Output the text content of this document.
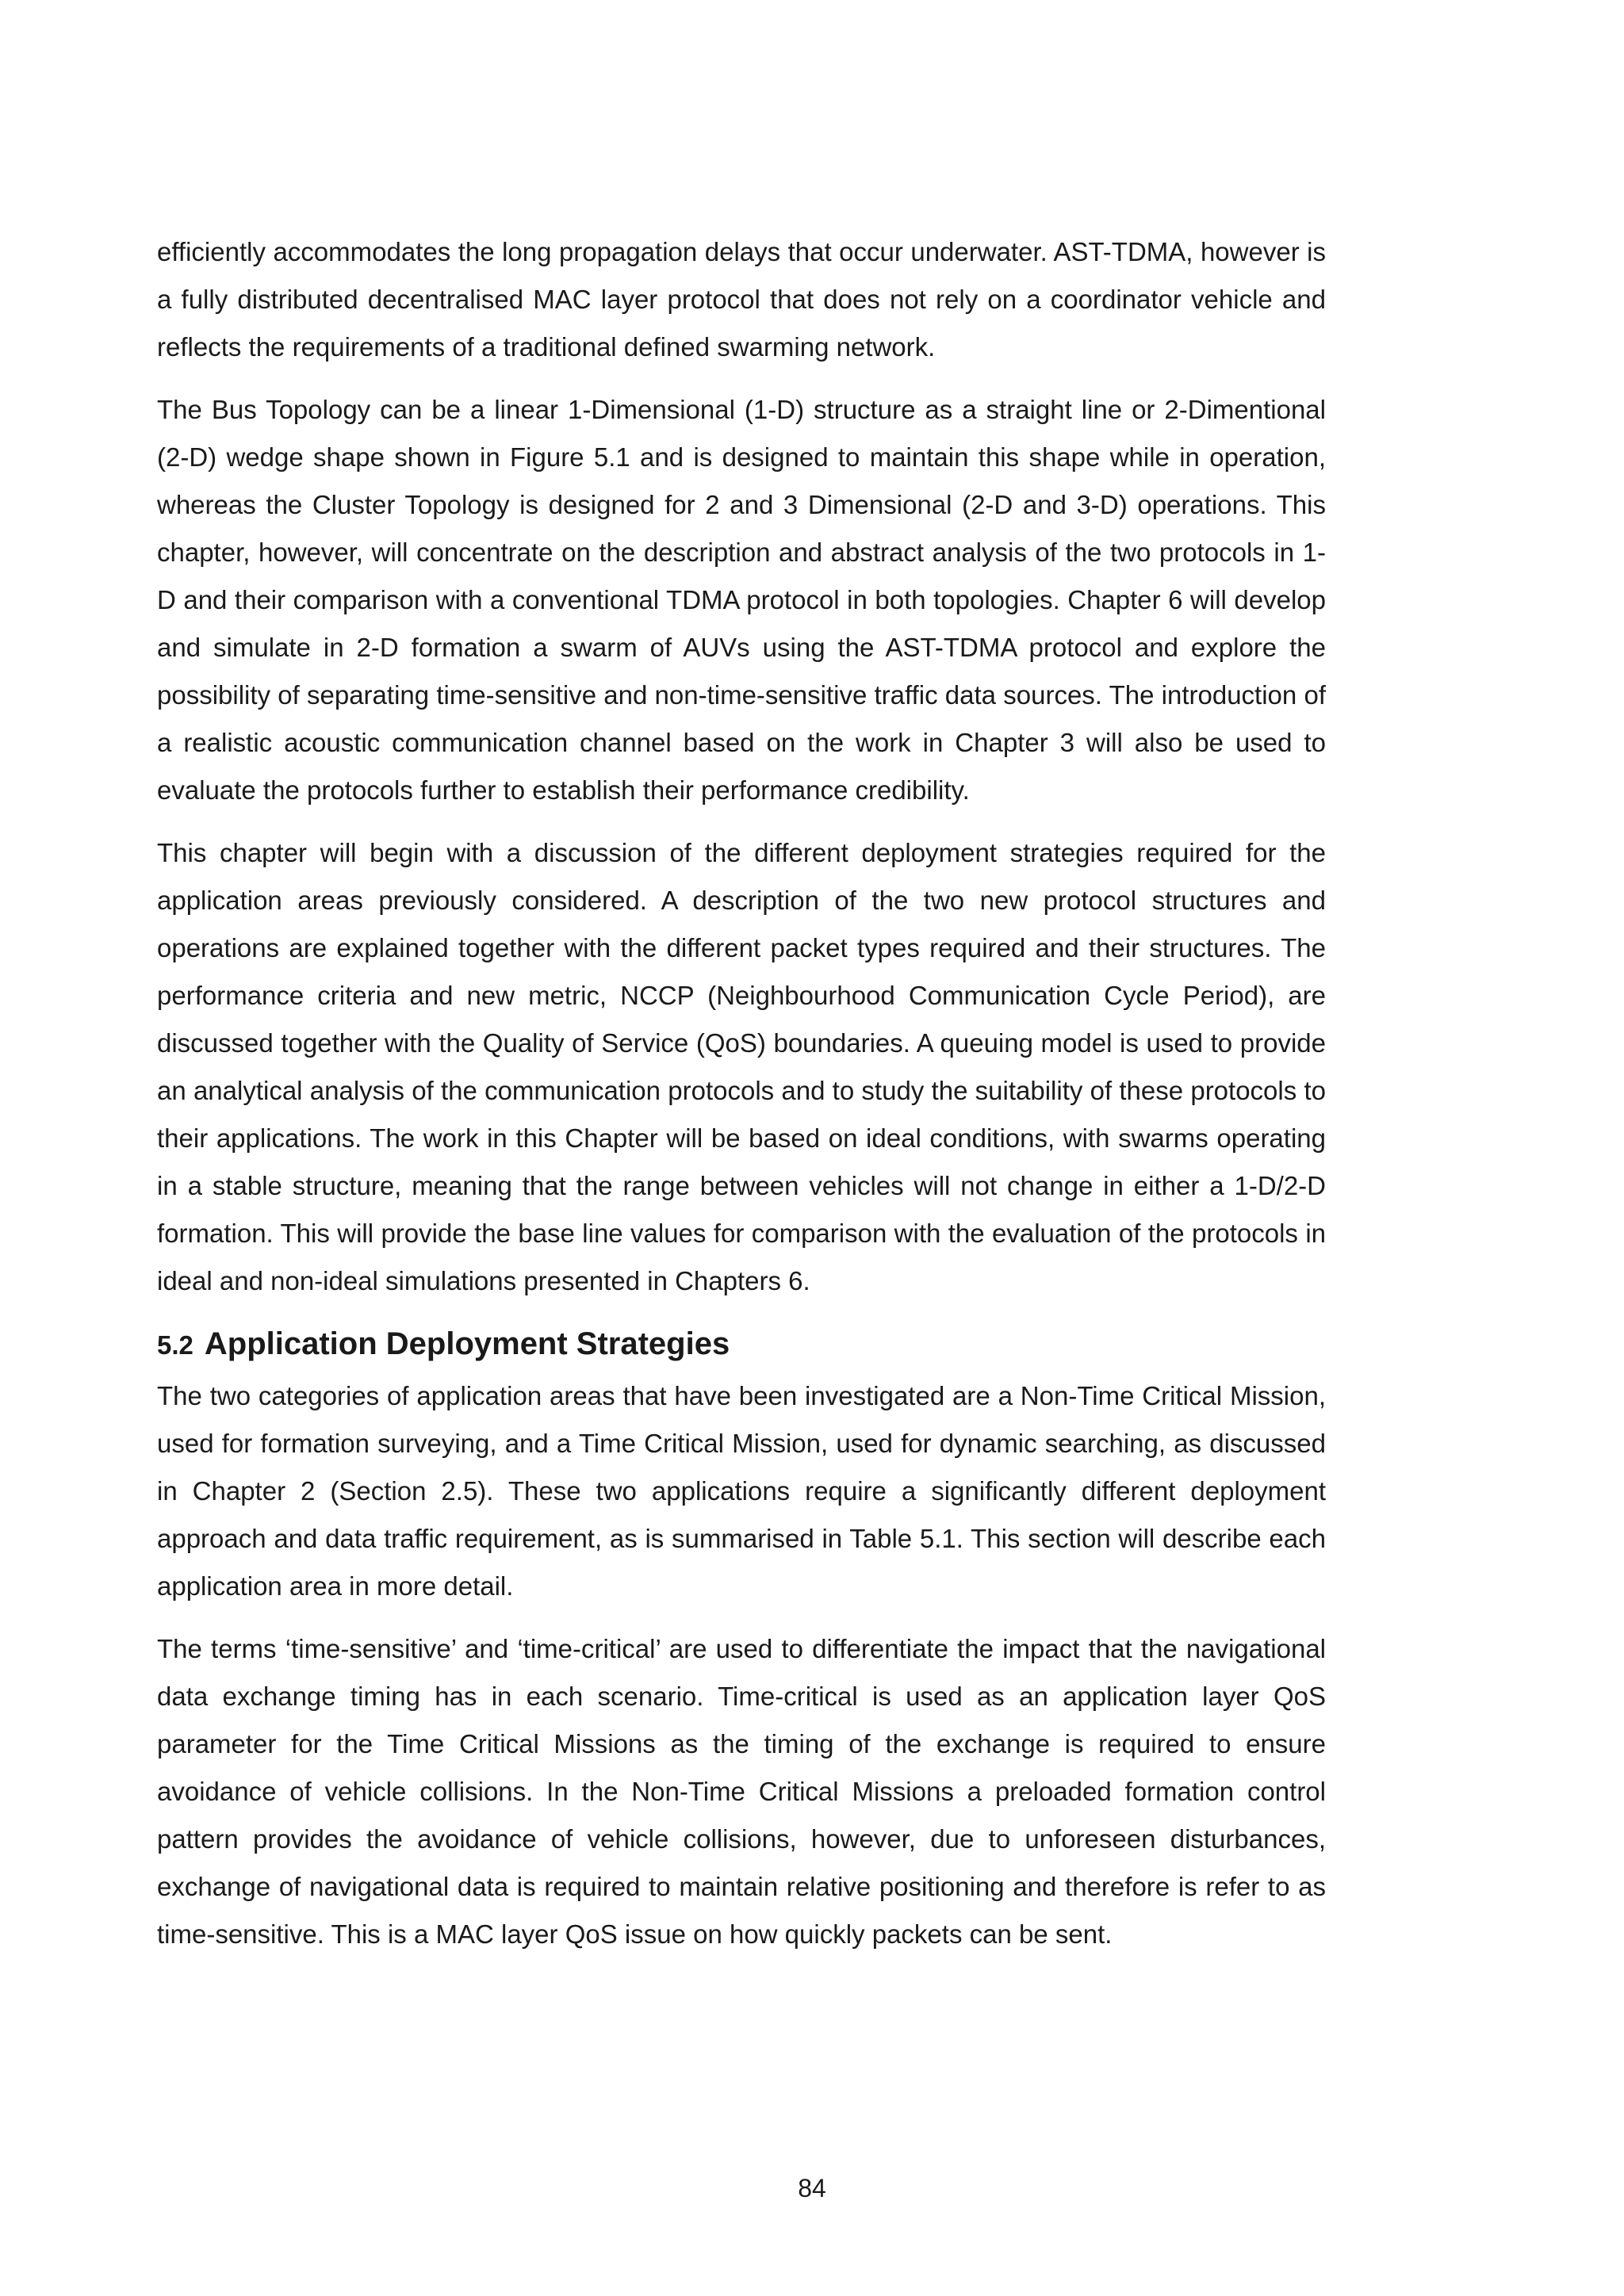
efficiently accommodates the long propagation delays that occur underwater. AST-TDMA, however is a fully distributed decentralised MAC layer protocol that does not rely on a coordinator vehicle and reflects the requirements of a traditional defined swarming network.

The Bus Topology can be a linear 1-Dimensional (1-D) structure as a straight line or 2-Dimentional (2-D) wedge shape shown in Figure 5.1 and is designed to maintain this shape while in operation, whereas the Cluster Topology is designed for 2 and 3 Dimensional (2-D and 3-D) operations. This chapter, however, will concentrate on the description and abstract analysis of the two protocols in 1-D and their comparison with a conventional TDMA protocol in both topologies. Chapter 6 will develop and simulate in 2-D formation a swarm of AUVs using the AST-TDMA protocol and explore the possibility of separating time-sensitive and non-time-sensitive traffic data sources. The introduction of a realistic acoustic communication channel based on the work in Chapter 3 will also be used to evaluate the protocols further to establish their performance credibility.

This chapter will begin with a discussion of the different deployment strategies required for the application areas previously considered. A description of the two new protocol structures and operations are explained together with the different packet types required and their structures. The performance criteria and new metric, NCCP (Neighbourhood Communication Cycle Period), are discussed together with the Quality of Service (QoS) boundaries. A queuing model is used to provide an analytical analysis of the communication protocols and to study the suitability of these protocols to their applications. The work in this Chapter will be based on ideal conditions, with swarms operating in a stable structure, meaning that the range between vehicles will not change in either a 1-D/2-D formation. This will provide the base line values for comparison with the evaluation of the protocols in ideal and non-ideal simulations presented in Chapters 6.

5.2 Application Deployment Strategies

The two categories of application areas that have been investigated are a Non-Time Critical Mission, used for formation surveying, and a Time Critical Mission, used for dynamic searching, as discussed in Chapter 2 (Section 2.5). These two applications require a significantly different deployment approach and data traffic requirement, as is summarised in Table 5.1. This section will describe each application area in more detail.

The terms ‘time-sensitive’ and ‘time-critical’ are used to differentiate the impact that the navigational data exchange timing has in each scenario. Time-critical is used as an application layer QoS parameter for the Time Critical Missions as the timing of the exchange is required to ensure avoidance of vehicle collisions. In the Non-Time Critical Missions a preloaded formation control pattern provides the avoidance of vehicle collisions, however, due to unforeseen disturbances, exchange of navigational data is required to maintain relative positioning and therefore is refer to as time-sensitive. This is a MAC layer QoS issue on how quickly packets can be sent.

84
